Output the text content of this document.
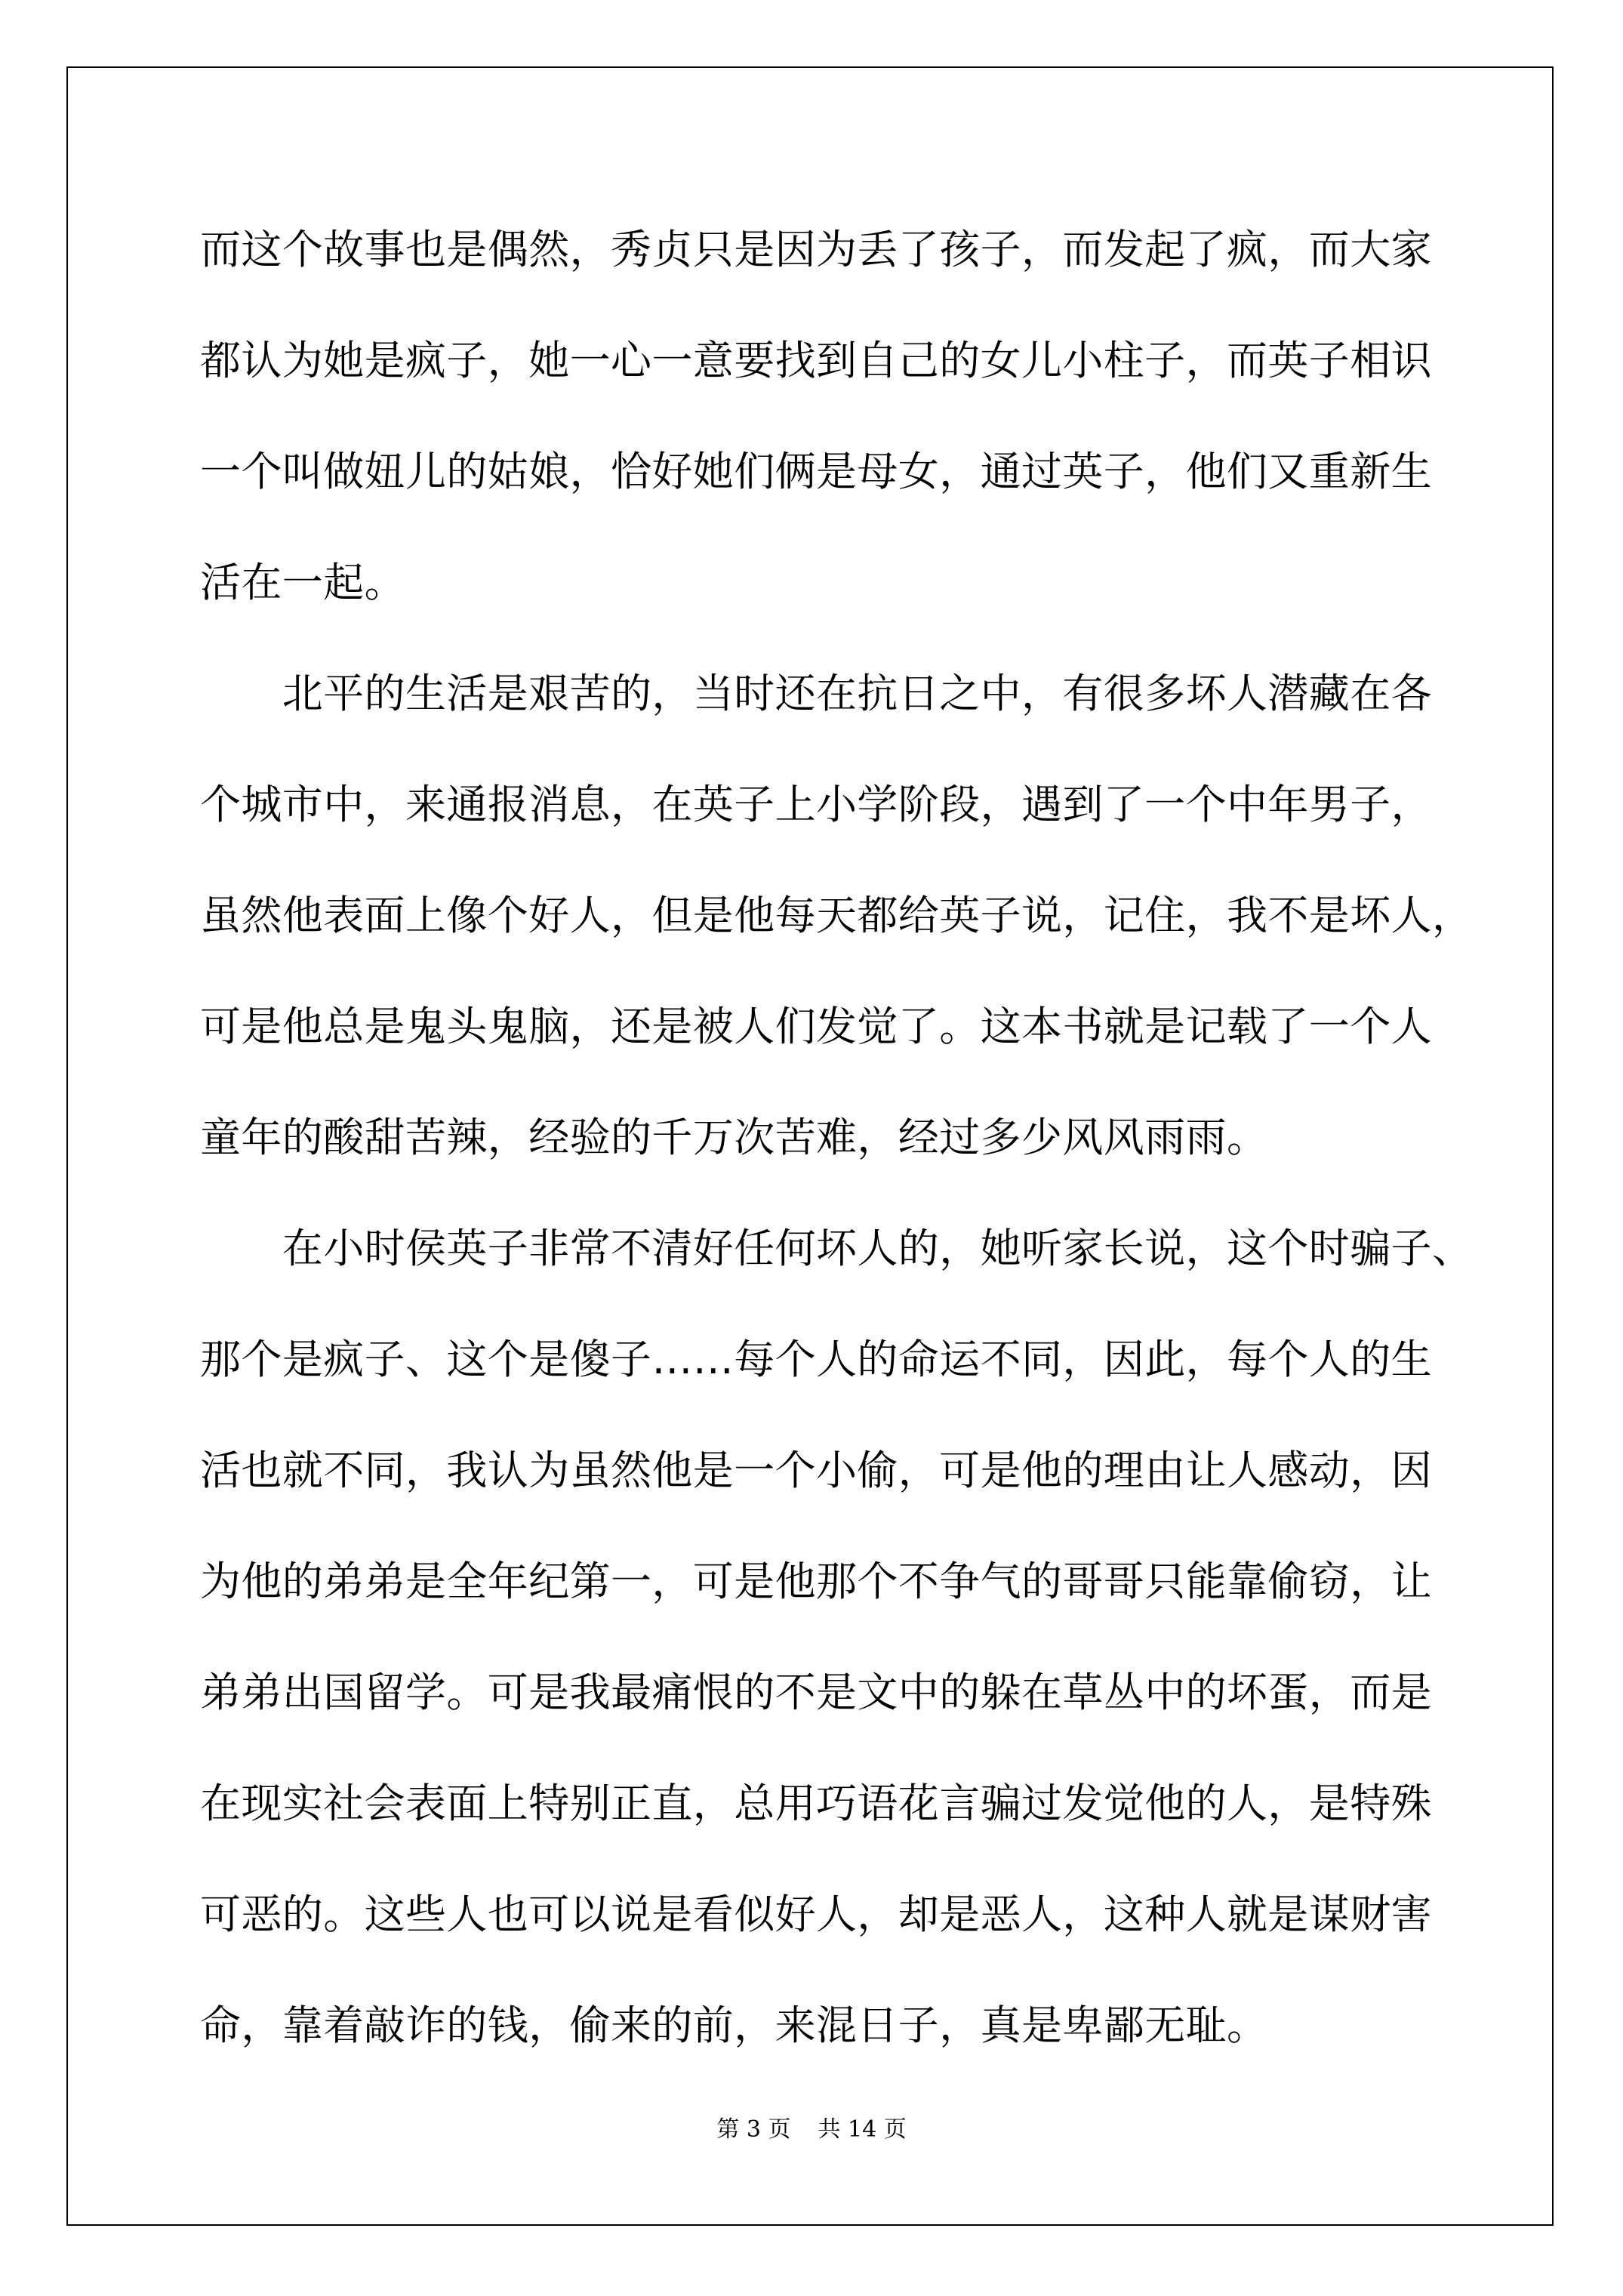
而这个故事也是偶然，秀贞只是因为丢了孩子，而发起了疯，而大家
都认为她是疯子，她一心一意要找到自己的女儿小柱子，而英子相识
一个叫做妞儿的姑娘，恰好她们俩是母女，通过英子，他们又重新生
活在一起。
　　北平的生活是艰苦的，当时还在抗日之中，有很多坏人潜藏在各
个城市中，来通报消息，在英子上小学阶段，遇到了一个中年男子，
虽然他表面上像个好人，但是他每天都给英子说，记住，我不是坏人，
可是他总是鬼头鬼脑，还是被人们发觉了。这本书就是记载了一个人
童年的酸甜苦辣，经验的千万次苦难，经过多少风风雨雨。
　　在小时侯英子非常不清好任何坏人的，她听家长说，这个时骗子、
那个是疯子、这个是傻子……每个人的命运不同，因此，每个人的生
活也就不同，我认为虽然他是一个小偷，可是他的理由让人感动，因
为他的弟弟是全年纪第一，可是他那个不争气的哥哥只能靠偷窃，让
弟弟出国留学。可是我最痛恨的不是文中的躲在草丛中的坏蛋，而是
在现实社会表面上特别正直，总用巧语花言骗过发觉他的人，是特殊
可恶的。这些人也可以说是看似好人，却是恶人，这种人就是谋财害
命，靠着敲诈的钱，偷来的前，来混日子，真是卑鄙无耻。
第 3 页 共 14 页
